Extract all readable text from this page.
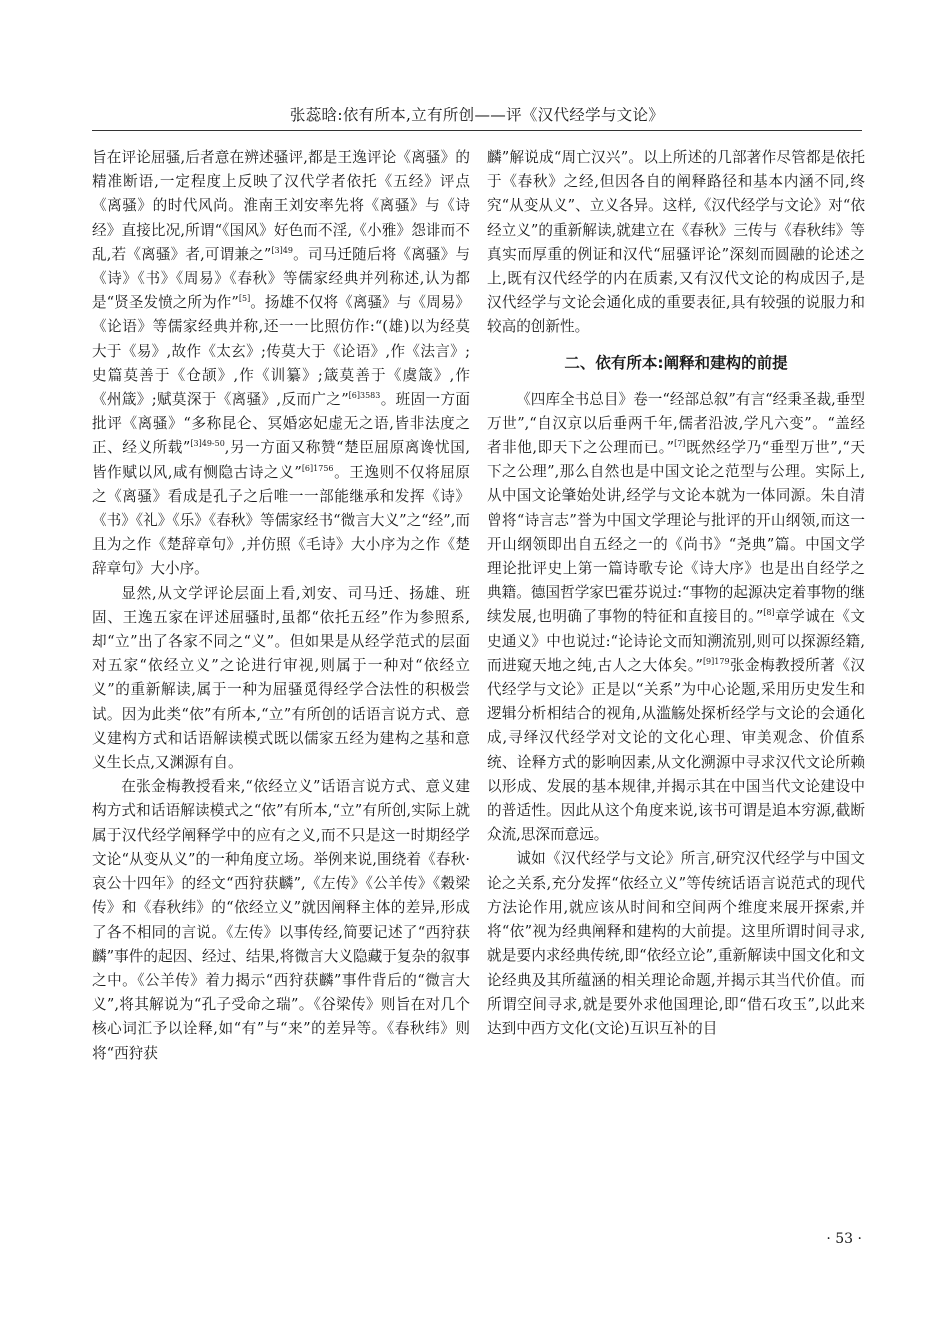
张蕊晗:依有所本,立有所创——评《汉代经学与文论》

旨在评论屈骚,后者意在辨述骚评,都是王逸评论《离骚》的精准断语,一定程度上反映了汉代学者依托《五经》评点《离骚》的时代风尚。淮南王刘安率先将《离骚》与《诗经》直接比况,所谓“《国风》好色而不淫,《小雅》怨诽而不乱,若《离骚》者,可谓兼之”$^{[3]49}$。司马迁随后将《离骚》与《诗》《书》《周易》《春秋》等儒家经典并列称述,认为都是“贤圣发愤之所为作”[5]。扬雄不仅将《离骚》与《周易》《论语》等儒家经典并称,还一一比照仿作:“(雄)以为经莫大于《易》,故作《太玄》;传莫大于《论语》,作《法言》;史篇莫善于《仓颉》,作《训纂》;箴莫善于《虞箴》,作《州箴》;赋莫深于《离骚》,反而广之”$^{[6]3583}$。班固一方面批评《离骚》“多称昆仑、冥婚宓妃虚无之语,皆非法度之正、经义所载”$^{[3]49-50}$,另一方面又称赞“楚臣屈原离谗忧国,皆作赋以风,咸有恻隐古诗之义”$^{[6]1756}$。王逸则不仅将屈原之《离骚》看成是孔子之后唯一一部能继承和发挥《诗》《书》《礼》《乐》《春秋》等儒家经书“微言大义”之“经”,而且为之作《楚辞章句》,并仿照《毛诗》大小序为之作《楚辞章句》大小序。

显然,从文学评论层面上看,刘安、司马迁、扬雄、班固、王逸五家在评述屈骚时,虽都“依托五经”作为参照系,却“立”出了各家不同之“义”。但如果是从经学范式的层面对五家“依经立义”之论进行审视,则属于一种对“依经立义”的重新解读,属于一种为屈骚觅得经学合法性的积极尝试。因为此类“依”有所本,“立”有所创的话语言说方式、意义建构方式和话语解读模式既以儒家五经为建构之基和意义生长点,又渊源有自。

在张金梅教授看来,“依经立义”话语言说方式、意义建构方式和话语解读模式之“依”有所本,“立”有所创,实际上就属于汉代经学阐释学中的应有之义,而不只是这一时期经学文论“从变从义”的一种角度立场。举例来说,围绕着《春秋·哀公十四年》的经文“西狩获麟”,《左传》《公羊传》《穀梁传》和《春秋纬》的“依经立义”就因阐释主体的差异,形成了各不相同的言说。《左传》以事传经,简要记述了“西狩获麟”事件的起因、经过、结果,将微言大义隐藏于复杂的叙事之中。《公羊传》着力揭示“西狩获麟”事件背后的“微言大义”,将其解说为“孔子受命之瑞”。《谷梁传》则旨在对几个核心词汇予以诠释,如“有”与“来”的差异等。《春秋纬》则将“西狩获

麟”解说成“周亡汉兴”。以上所述的几部著作尽管都是依托于《春秋》之经,但因各自的阐释路径和基本内涵不同,终究“从变从义”、立义各异。这样,《汉代经学与文论》对“依经立义”的重新解读,就建立在《春秋》三传与《春秋纬》等真实而厚重的例证和汉代“屈骚评论”深刻而圆融的论述之上,既有汉代经学的内在质素,又有汉代文论的构成因子,是汉代经学与文论会通化成的重要表征,具有较强的说服力和较高的创新性。

二、依有所本:阐释和建构的前提

《四库全书总目》卷一“经部总叙”有言“经秉圣裁,垂型万世”,“自汉京以后垂两千年,儒者沿波,学凡六变”。“盖经者非他,即天下之公理而已。”[7]既然经学乃“垂型万世”,“天下之公理”,那么自然也是中国文论之范型与公理。实际上,从中国文论肇始处讲,经学与文论本就为一体同源。朱自清曾将“诗言志”誉为中国文学理论与批评的开山纲领,而这一开山纲领即出自五经之一的《尚书》“尧典”篇。中国文学理论批评史上第一篇诗歌专论《诗大序》也是出自经学之典籍。德国哲学家巴霍芬说过:“事物的起源决定着事物的继续发展,也明确了事物的特征和直接目的。”[8]章学诚在《文史通义》中也说过:“论诗论文而知溯流别,则可以探源经籍,而进窥天地之纯,古人之大体矣。”$^{[9]179}$张金梅教授所著《汉代经学与文论》正是以“关系”为中心论题,采用历史发生和逻辑分析相结合的视角,从滥觞处探析经学与文论的会通化成,寻绎汉代经学对文论的文化心理、审美观念、价值系统、诠释方式的影响因素,从文化溯源中寻求汉代文论所赖以形成、发展的基本规律,并揭示其在中国当代文论建设中的普适性。因此从这个角度来说,该书可谓是追本穷源,截断众流,思深而意远。

诚如《汉代经学与文论》所言,研究汉代经学与中国文论之关系,充分发挥“依经立义”等传统话语言说范式的现代方法论作用,就应该从时间和空间两个维度来展开探索,并将“依”视为经典阐释和建构的大前提。这里所谓时间寻求,就是要内求经典传统,即“依经立论”,重新解读中国文化和文论经典及其所蕴涵的相关理论命题,并揭示其当代价值。而所谓空间寻求,就是要外求他国理论,即“借石攻玉”,以此来达到中西方文化(文论)互识互补的目

· 53 ·
